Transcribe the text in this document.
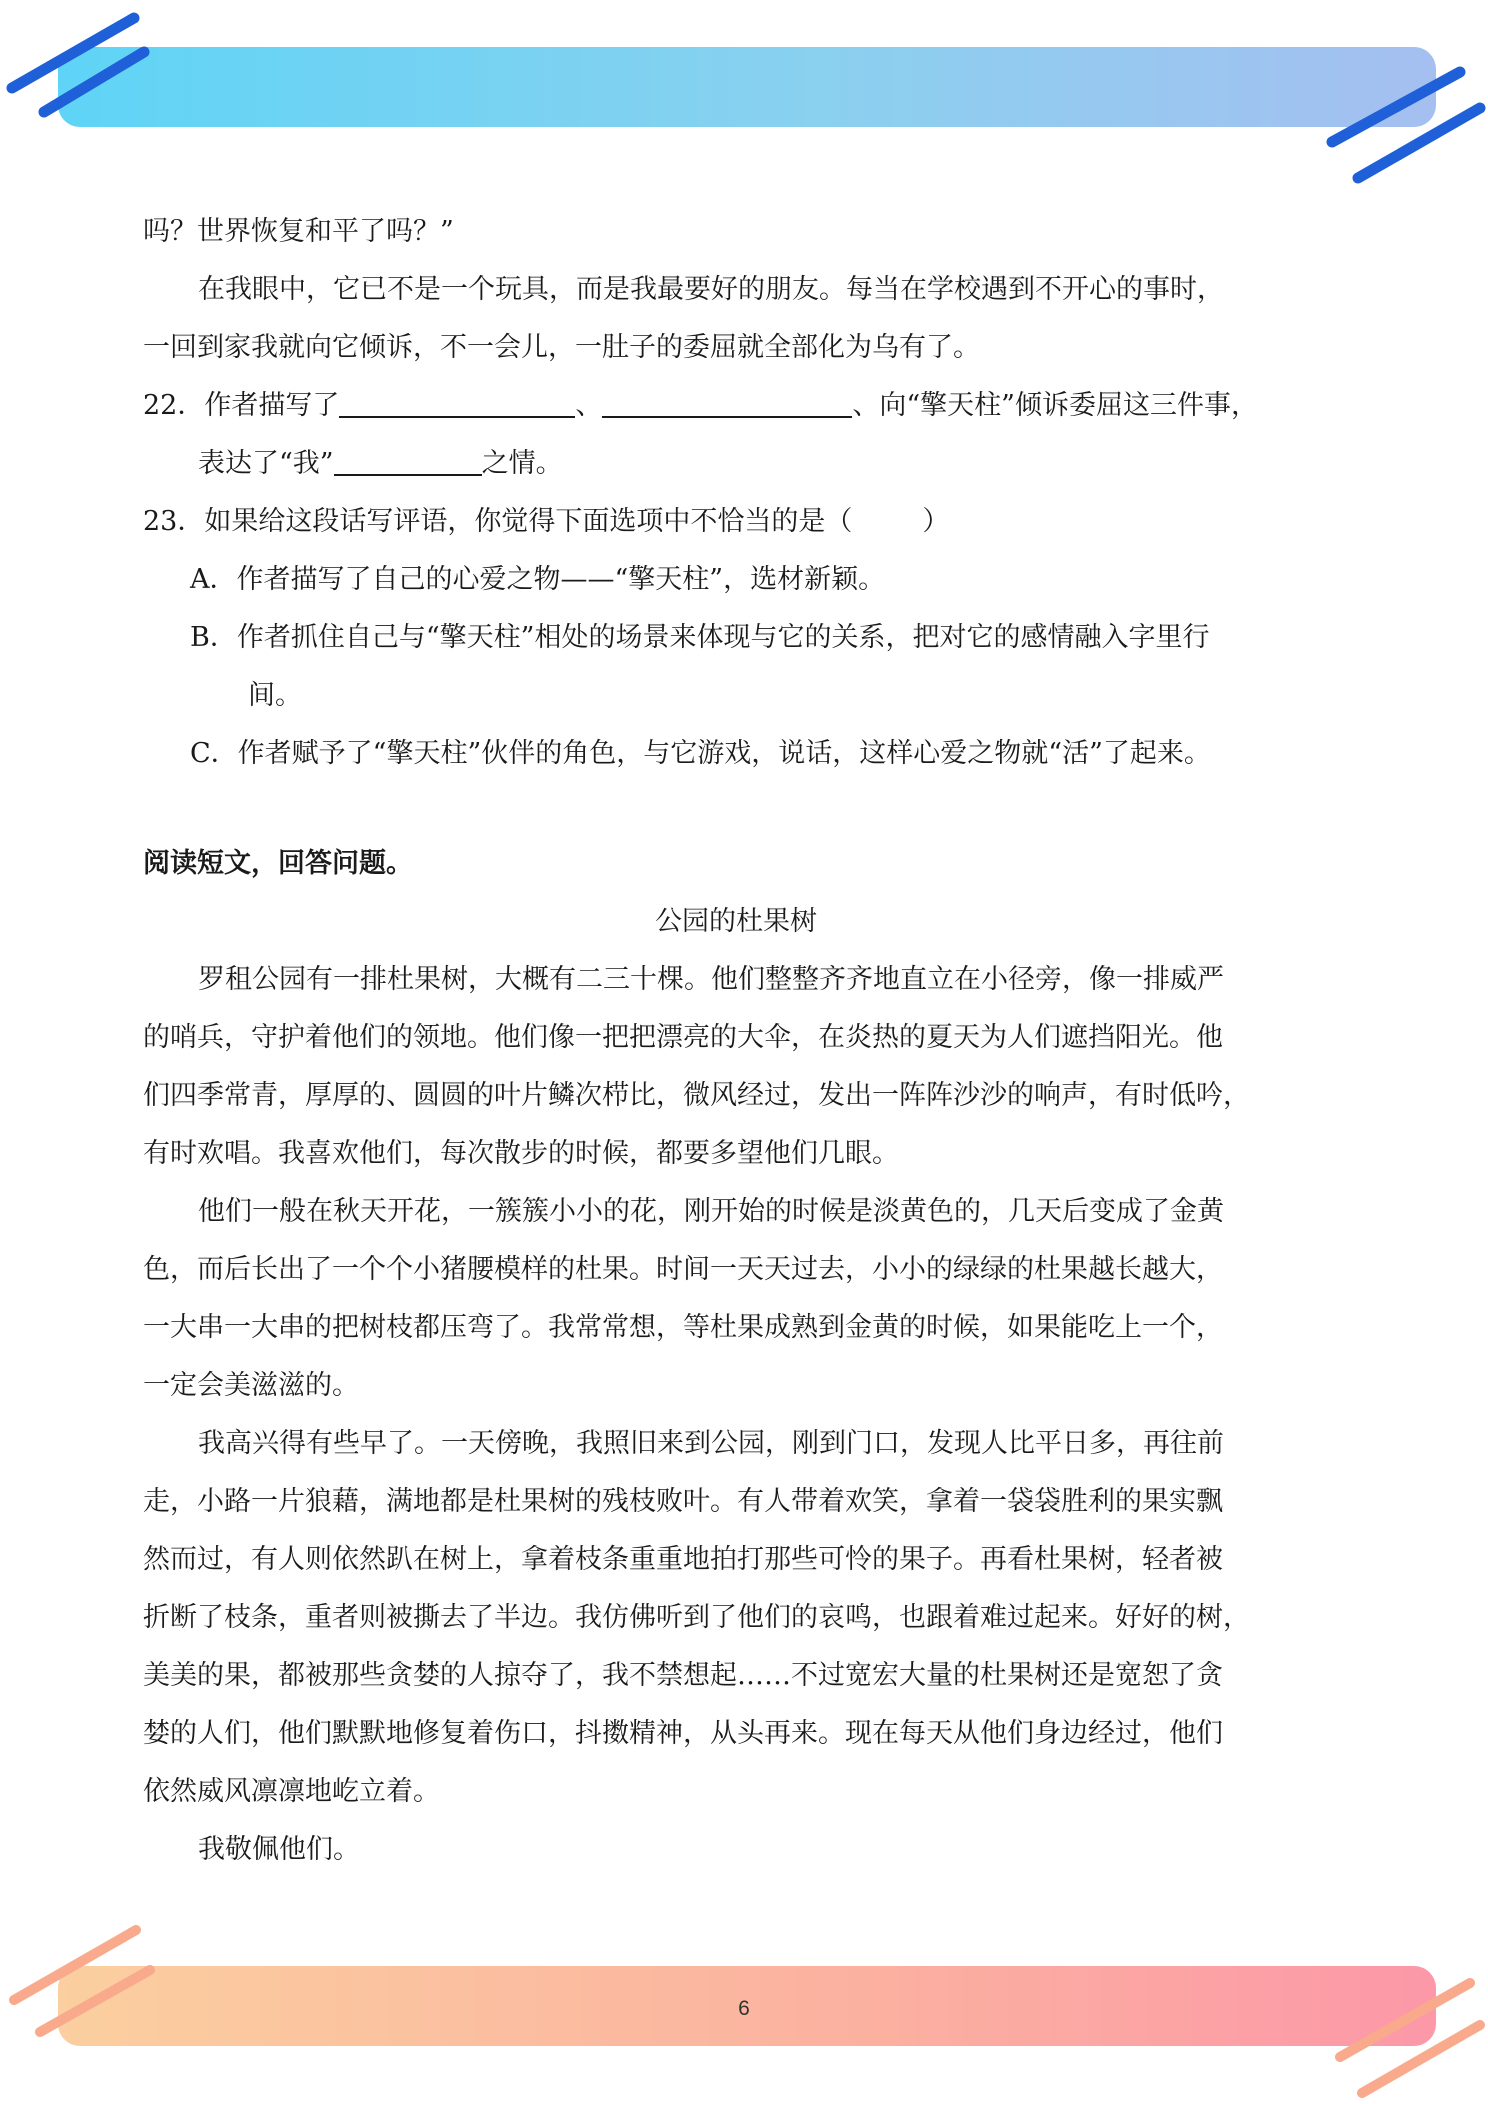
吗？世界恢复和平了吗？”
在我眼中，它已不是一个玩具，而是我最要好的朋友。每当在学校遇到不开心的事时，
一回到家我就向它倾诉，不一会儿，一肚子的委屈就全部化为乌有了。
22．作者描写了	、	、向“擎天柱”倾诉委屈这三件事，
表达了“我”	之情。
23．如果给这段话写评语，你觉得下面选项中不恰当的是（	）
A．作者描写了自己的心爱之物——“擎天柱”，选材新颖。
B．作者抓住自己与“擎天柱”相处的场景来体现与它的关系，把对它的感情融入字里行
间。
C．作者赋予了“擎天柱”伙伴的角色，与它游戏，说话，这样心爱之物就“活”了起来。
阅读短文，回答问题。
公园的杜果树
罗租公园有一排杜果树，大概有二三十棵。他们整整齐齐地直立在小径旁，像一排威严
的哨兵，守护着他们的领地。他们像一把把漂亮的大伞，在炎热的夏天为人们遮挡阳光。他
们四季常青，厚厚的、圆圆的叶片鳞次栉比，微风经过，发出一阵阵沙沙的响声，有时低吟，
有时欢唱。我喜欢他们，每次散步的时候，都要多望他们几眼。
他们一般在秋天开花，一簇簇小小的花，刚开始的时候是淡黄色的，几天后变成了金黄
色，而后长出了一个个小猪腰模样的杜果。时间一天天过去，小小的绿绿的杜果越长越大，
一大串一大串的把树枝都压弯了。我常常想，等杜果成熟到金黄的时候，如果能吃上一个，
一定会美滋滋的。
我高兴得有些早了。一天傍晚，我照旧来到公园，刚到门口，发现人比平日多，再往前
走，小路一片狼藉，满地都是杜果树的残枝败叶。有人带着欢笑，拿着一袋袋胜利的果实飘
然而过，有人则依然趴在树上，拿着枝条重重地拍打那些可怜的果子。再看杜果树，轻者被
折断了枝条，重者则被撕去了半边。我仿佛听到了他们的哀鸣，也跟着难过起来。好好的树，
美美的果，都被那些贪婪的人掠夺了，我不禁想起……不过宽宏大量的杜果树还是宽恕了贪
婪的人们，他们默默地修复着伤口，抖擞精神，从头再来。现在每天从他们身边经过，他们
依然威风凛凛地屹立着。
我敬佩他们。
6
